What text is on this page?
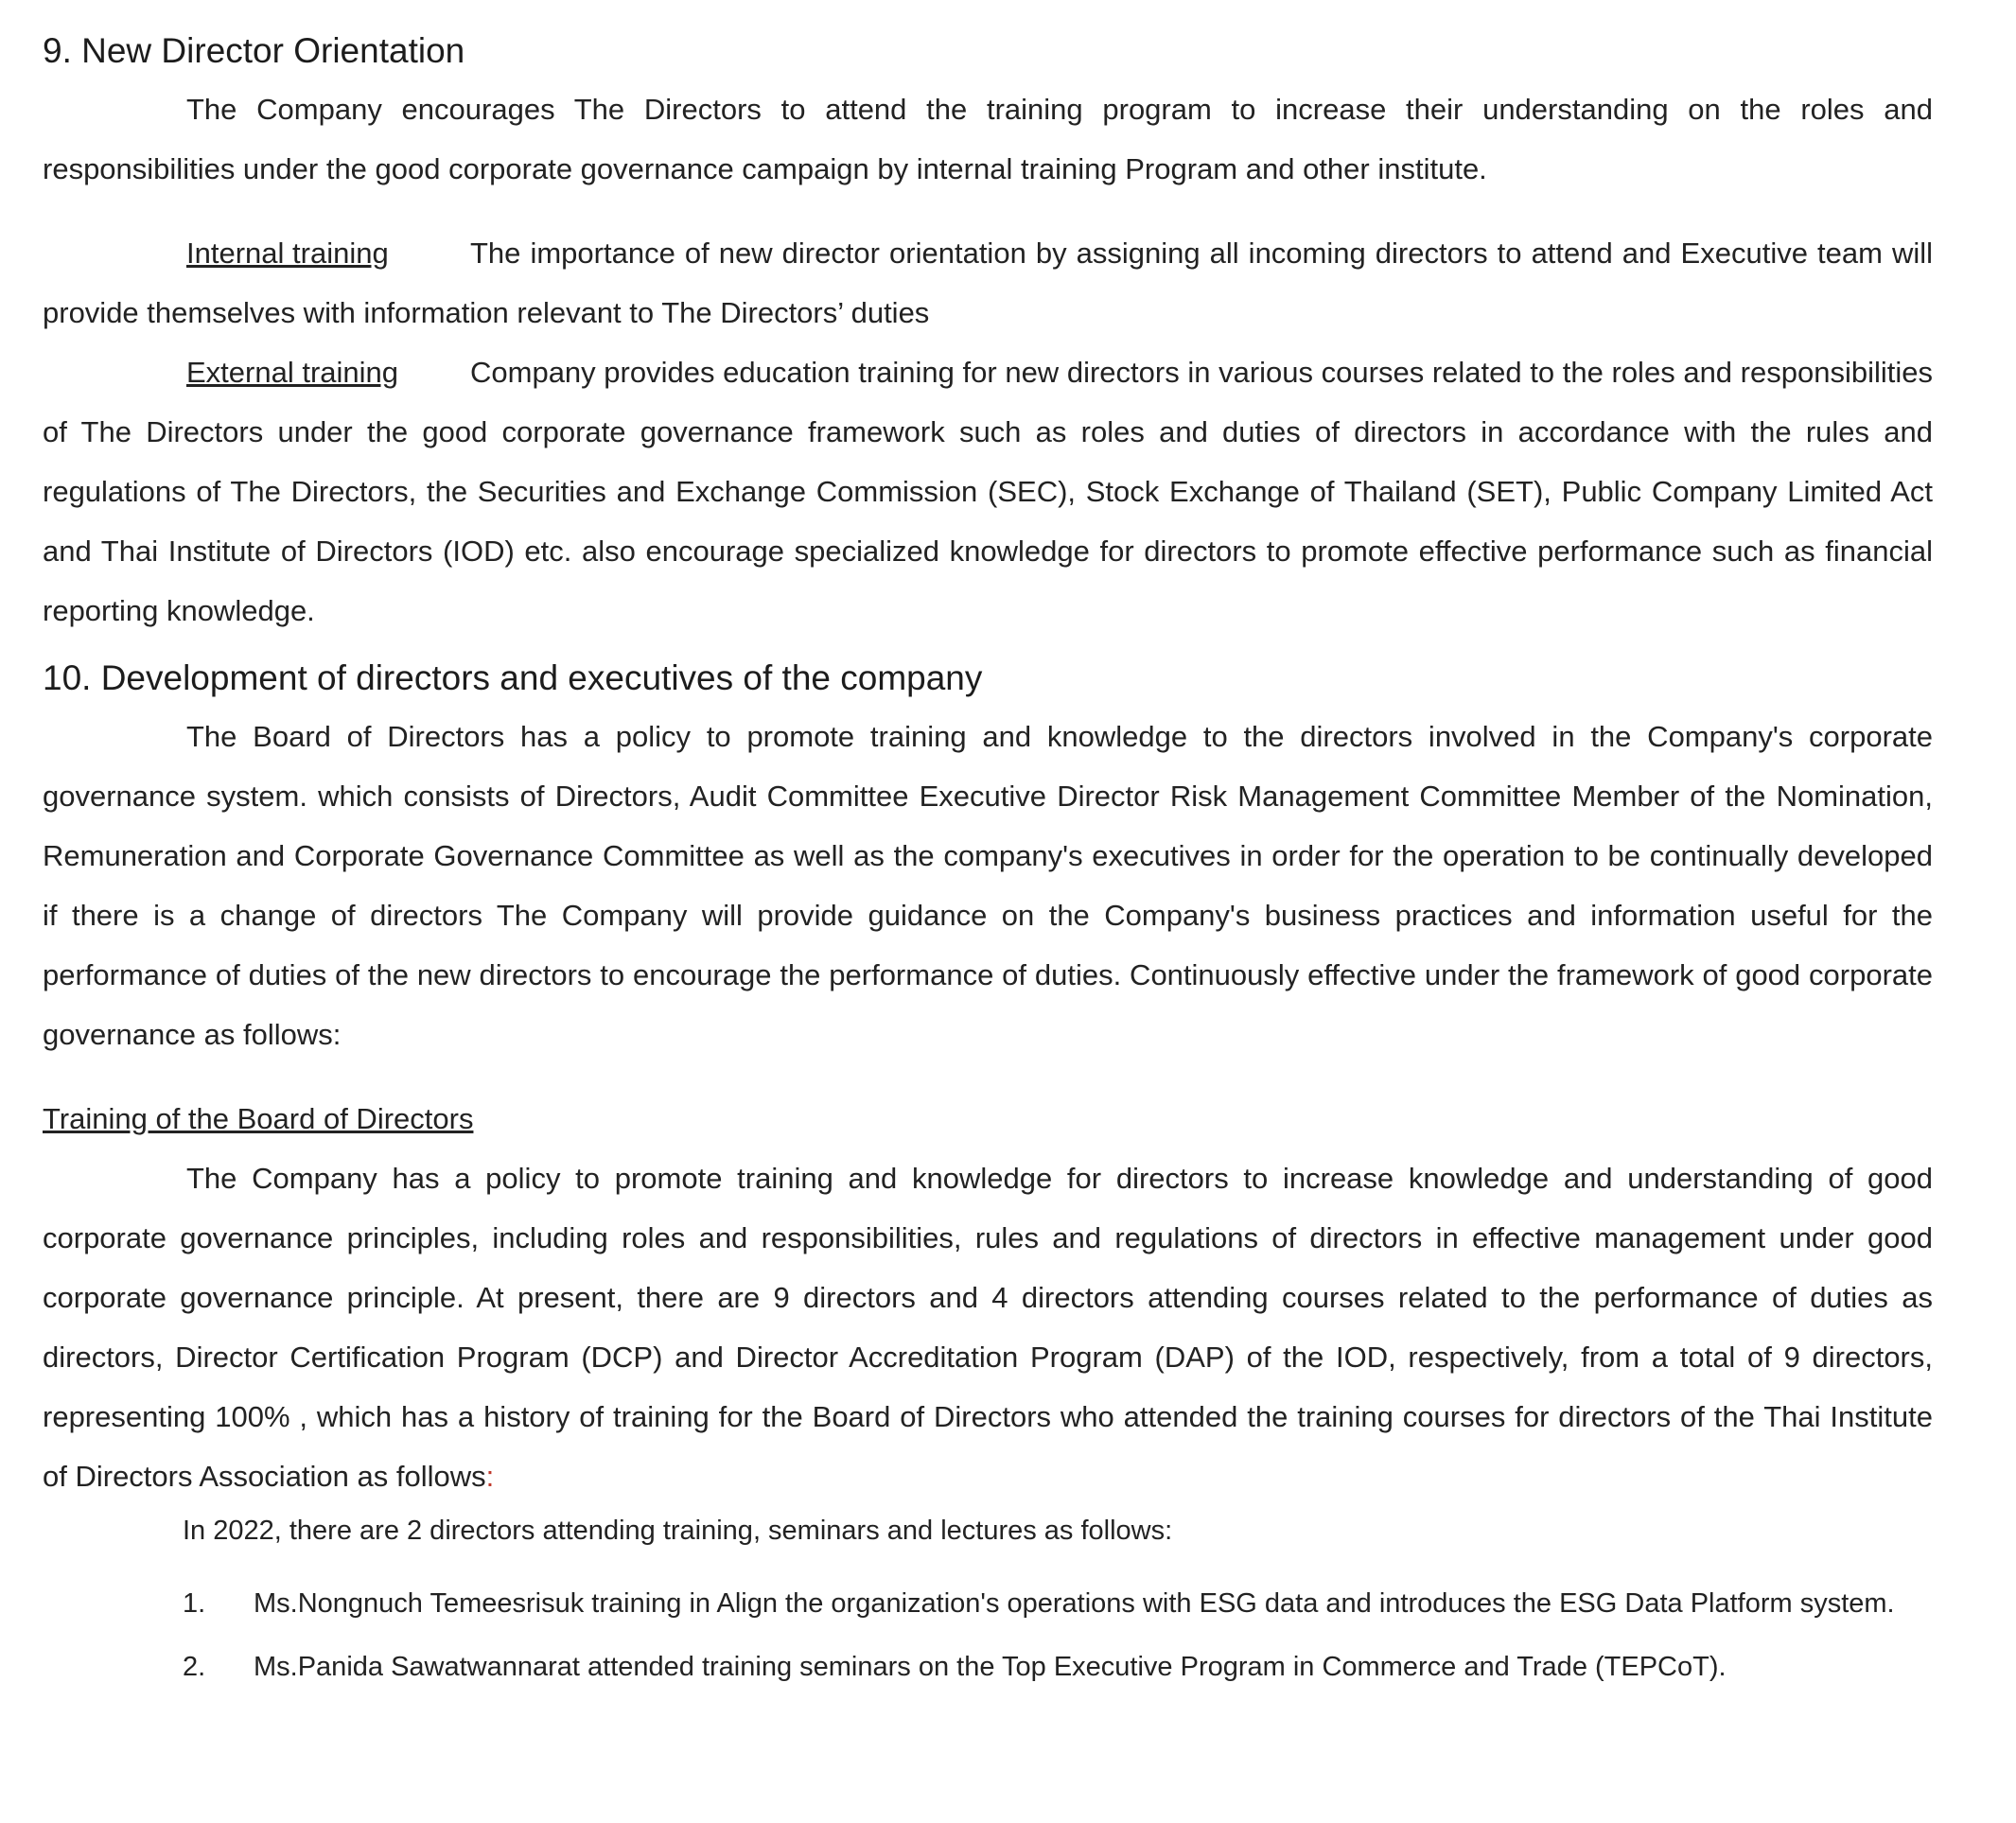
9. New Director Orientation

The Company encourages The Directors to attend the training program to increase their understanding on the roles and responsibilities under the good corporate governance campaign by internal training Program and other institute.

Internal training	The importance of new director orientation by assigning all incoming directors to attend and Executive team will provide themselves with information relevant to The Directors’ duties

External training Company provides education training for new directors in various courses related to the roles and responsibilities of The Directors under the good corporate governance framework such as roles and duties of directors in accordance with the rules and regulations of The Directors, the Securities and Exchange Commission (SEC), Stock Exchange of Thailand (SET), Public Company Limited Act and Thai Institute of Directors (IOD) etc. also encourage specialized knowledge for directors to promote effective performance such as financial reporting knowledge.

10. Development of directors and executives of the company

The Board of Directors has a policy to promote training and knowledge to the directors involved in the Company's corporate governance system. which consists of Directors, Audit Committee Executive Director Risk Management Committee Member of the Nomination, Remuneration and Corporate Governance Committee as well as the company's executives in order for the operation to be continually developed if there is a change of directors The Company will provide guidance on the Company's business practices and information useful for the performance of duties of the new directors to encourage the performance of duties. Continuously effective under the framework of good corporate governance as follows:

Training of the Board of Directors

The Company has a policy to promote training and knowledge for directors to increase knowledge and understanding of good corporate governance principles, including roles and responsibilities, rules and regulations of directors in effective management under good corporate governance principle. At present, there are 9 directors and 4 directors attending courses related to the performance of duties as directors, Director Certification Program (DCP) and Director Accreditation Program (DAP) of the IOD, respectively, from a total of 9 directors, representing 100% , which has a history of training for the Board of Directors who attended the training courses for directors of the Thai Institute of Directors Association as follows:

In 2022, there are 2 directors attending training, seminars and lectures as follows:

1. Ms.Nongnuch Temeesrisuk training in Align the organization's operations with ESG data and introduces the ESG Data Platform system.
2. Ms.Panida Sawatwannarat attended training seminars on the Top Executive Program in Commerce and Trade (TEPCoT).
